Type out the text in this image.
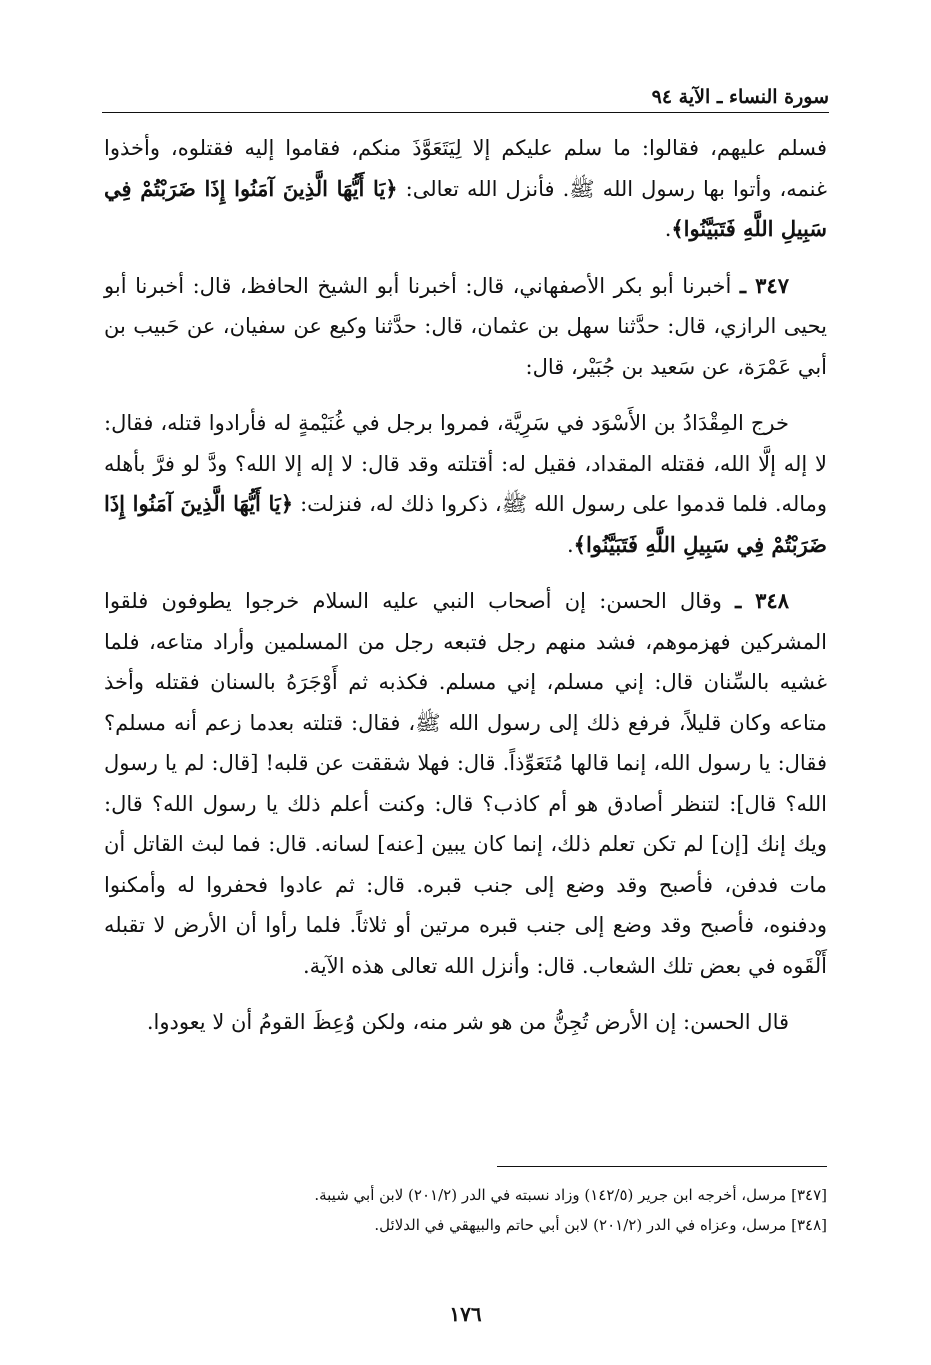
سورة النساء ـ الآية ٩٤

فسلم عليهم، فقالوا: ما سلم عليكم إلا لِيَتَعَوَّذَ منكم، فقاموا إليه فقتلوه، وأخذوا غنمه، وأتوا بها رسول الله ﷺ. فأنزل الله تعالى: ﴿يَا أَيُّهَا الَّذِينَ آمَنُوا إِذَا ضَرَبْتُمْ فِي سَبِيلِ اللَّهِ فَتَبَيَّنُوا﴾.

٣٤٧ ـ أخبرنا أبو بكر الأصفهاني، قال: أخبرنا أبو الشيخ الحافظ، قال: أخبرنا أبو يحيى الرازي، قال: حدَّثنا سهل بن عثمان، قال: حدَّثنا وكيع عن سفيان، عن حَبيب بن أبي عَمْرَة، عن سَعيد بن جُبَيْر، قال:

خرج المِقْدَادُ بن الأَسْوَد في سَرِيَّة، فمروا برجل في غُنَيْمةٍ له فأرادوا قتله، فقال: لا إله إلَّا الله، فقتله المقداد، فقيل له: أقتلته وقد قال: لا إله إلا الله؟ ودَّ لو فرَّ بأهله وماله. فلما قدموا على رسول الله ﷺ، ذكروا ذلك له، فنزلت: ﴿يَا أَيُّهَا الَّذِينَ آمَنُوا إِذَا ضَرَبْتُمْ فِي سَبِيلِ اللَّهِ فَتَبَيَّنُوا﴾.

٣٤٨ ـ وقال الحسن: إن أصحاب النبي عليه السلام خرجوا يطوفون فلقوا المشركين فهزموهم، فشد منهم رجل فتبعه رجل من المسلمين وأراد متاعه، فلما غشيه بالسِّنان قال: إني مسلم، إني مسلم. فكذبه ثم أَوْجَرَهُ بالسنان فقتله وأخذ متاعه وكان قليلاً، فرفع ذلك إلى رسول الله ﷺ، فقال: قتلته بعدما زعم أنه مسلم؟ فقال: يا رسول الله، إنما قالها مُتَعَوِّذاً. قال: فهلا شققت عن قلبه! [قال: لم يا رسول الله؟ قال]: لتنظر أصادق هو أم كاذب؟ قال: وكنت أعلم ذلك يا رسول الله؟ قال: ويك إنك [إن] لم تكن تعلم ذلك، إنما كان يبين [عنه] لسانه. قال: فما لبث القاتل أن مات فدفن، فأصبح وقد وضع إلى جنب قبره. قال: ثم عادوا فحفروا له وأمكنوا ودفنوه، فأصبح وقد وضع إلى جنب قبره مرتين أو ثلاثاً. فلما رأوا أن الأرض لا تقبله أَلْقَوه في بعض تلك الشعاب. قال: وأنزل الله تعالى هذه الآية.

قال الحسن: إن الأرض تُجِنُّ من هو شر منه، ولكن وُعِظَ القومُ أن لا يعودوا.

[٣٤٧] مرسل، أخرجه ابن جرير (١٤٢/٥) وزاد نسبته في الدر (٢٠١/٢) لابن أبي شيبة.
[٣٤٨] مرسل، وعزاه في الدر (٢٠١/٢) لابن أبي حاتم والبيهقي في الدلائل.
١٧٦
